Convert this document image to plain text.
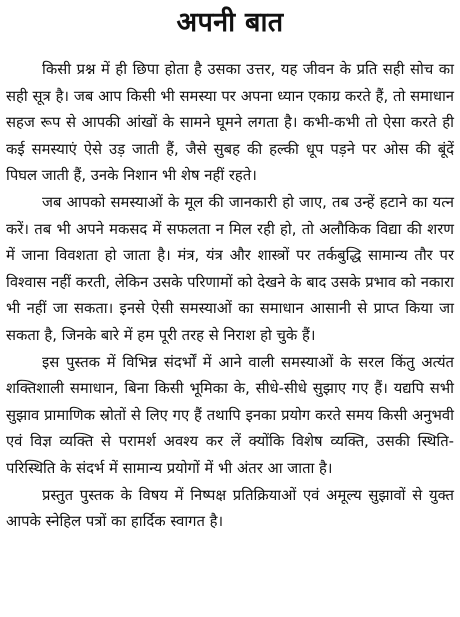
अपनी बात

किसी प्रश्न में ही छिपा होता है उसका उत्तर, यह जीवन के प्रति सही सोच का सही सूत्र है। जब आप किसी भी समस्या पर अपना ध्यान एकाग्र करते हैं, तो समाधान सहज रूप से आपकी आंखों के सामने घूमने लगता है। कभी-कभी तो ऐसा करते ही कई समस्याएं ऐसे उड़ जाती हैं, जैसे सुबह की हल्की धूप पड़ने पर ओस की बूंदें पिघल जाती हैं, उनके निशान भी शेष नहीं रहते।

जब आपको समस्याओं के मूल की जानकारी हो जाए, तब उन्हें हटाने का यत्न करें। तब भी अपने मकसद में सफलता न मिल रही हो, तो अलौकिक विद्या की शरण में जाना विवशता हो जाता है। मंत्र, यंत्र और शास्त्रों पर तर्कबुद्धि सामान्य तौर पर विश्वास नहीं करती, लेकिन उसके परिणामों को देखने के बाद उसके प्रभाव को नकारा भी नहीं जा सकता। इनसे ऐसी समस्याओं का समाधान आसानी से प्राप्त किया जा सकता है, जिनके बारे में हम पूरी तरह से निराश हो चुके हैं।

इस पुस्तक में विभिन्न संदर्भों में आने वाली समस्याओं के सरल किंतु अत्यंत शक्तिशाली समाधान, बिना किसी भूमिका के, सीधे-सीधे सुझाए गए हैं। यद्यपि सभी सुझाव प्रामाणिक स्रोतों से लिए गए हैं तथापि इनका प्रयोग करते समय किसी अनुभवी एवं विज्ञ व्यक्ति से परामर्श अवश्य कर लें क्योंकि विशेष व्यक्ति, उसकी स्थिति-परिस्थिति के संदर्भ में सामान्य प्रयोगों में भी अंतर आ जाता है।

प्रस्तुत पुस्तक के विषय में निष्पक्ष प्रतिक्रियाओं एवं अमूल्य सुझावों से युक्त आपके स्नेहिल पत्रों का हार्दिक स्वागत है।
